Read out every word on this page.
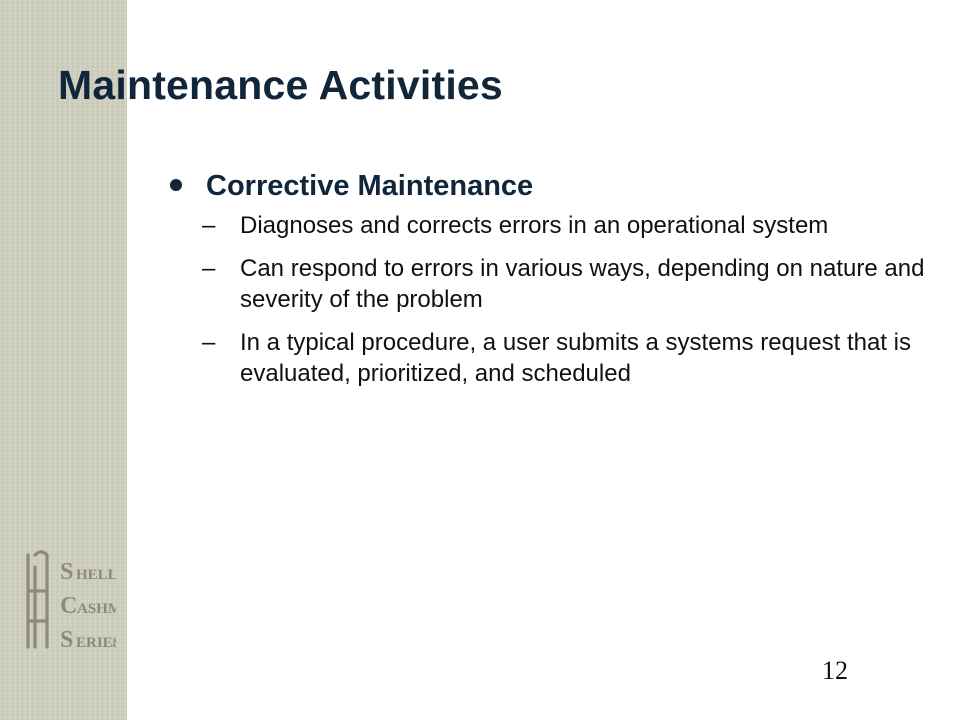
Maintenance Activities
Corrective Maintenance
– Diagnoses and corrects errors in an operational system
– Can respond to errors in various ways, depending on nature and severity of the problem
– In a typical procedure, a user submits a systems request that is evaluated, prioritized, and scheduled
S HELL
C ASHM
S ERIE
®
12
